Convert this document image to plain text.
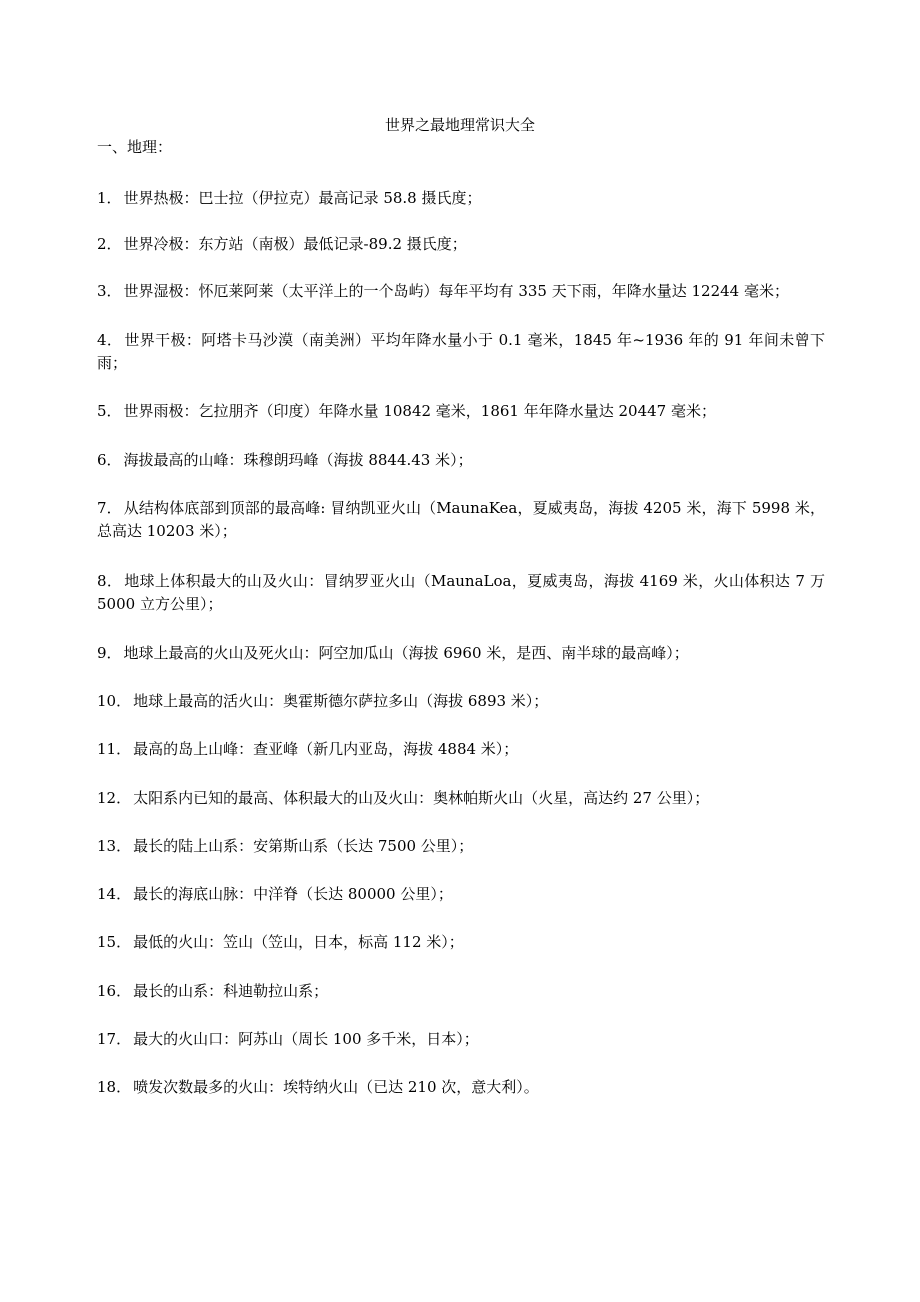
世界之最地理常识大全
一、地理：
1． 世界热极：巴士拉（伊拉克）最高记录 58.8 摄氏度；
2． 世界冷极：东方站（南极）最低记录-89.2 摄氏度；
3． 世界湿极：怀厄莱阿莱（太平洋上的一个岛屿）每年平均有 335 天下雨，年降水量达 12244 毫米；
4． 世界干极：阿塔卡马沙漠（南美洲）平均年降水量小于 0.1 毫米，1845 年~1936 年的 91 年间未曾下雨；
5． 世界雨极：乞拉朋齐（印度）年降水量 10842 毫米，1861 年年降水量达 20447 毫米；
6． 海拔最高的山峰：珠穆朗玛峰（海拔 8844.43 米）；
7． 从结构体底部到顶部的最高峰: 冒纳凯亚火山（MaunaKea，夏威夷岛，海拔 4205 米，海下 5998 米，总高达 10203 米）；
8． 地球上体积最大的山及火山：冒纳罗亚火山（MaunaLoa，夏威夷岛，海拔 4169 米，火山体积达 7 万 5000 立方公里）；
9． 地球上最高的火山及死火山：阿空加瓜山（海拔 6960 米，是西、南半球的最高峰）；
10． 地球上最高的活火山：奥霍斯德尔萨拉多山（海拔 6893 米）；
11． 最高的岛上山峰：查亚峰（新几内亚岛，海拔 4884 米）；
12． 太阳系内已知的最高、体积最大的山及火山：奥林帕斯火山（火星，高达约 27 公里）；
13． 最长的陆上山系：安第斯山系（长达 7500 公里）；
14． 最长的海底山脉：中洋脊（长达 80000 公里）；
15． 最低的火山：笠山（笠山，日本，标高 112 米）；
16． 最长的山系：科迪勒拉山系；
17． 最大的火山口：阿苏山（周长 100 多千米，日本）；
18． 喷发次数最多的火山：埃特纳火山（已达 210 次，意大利）。
